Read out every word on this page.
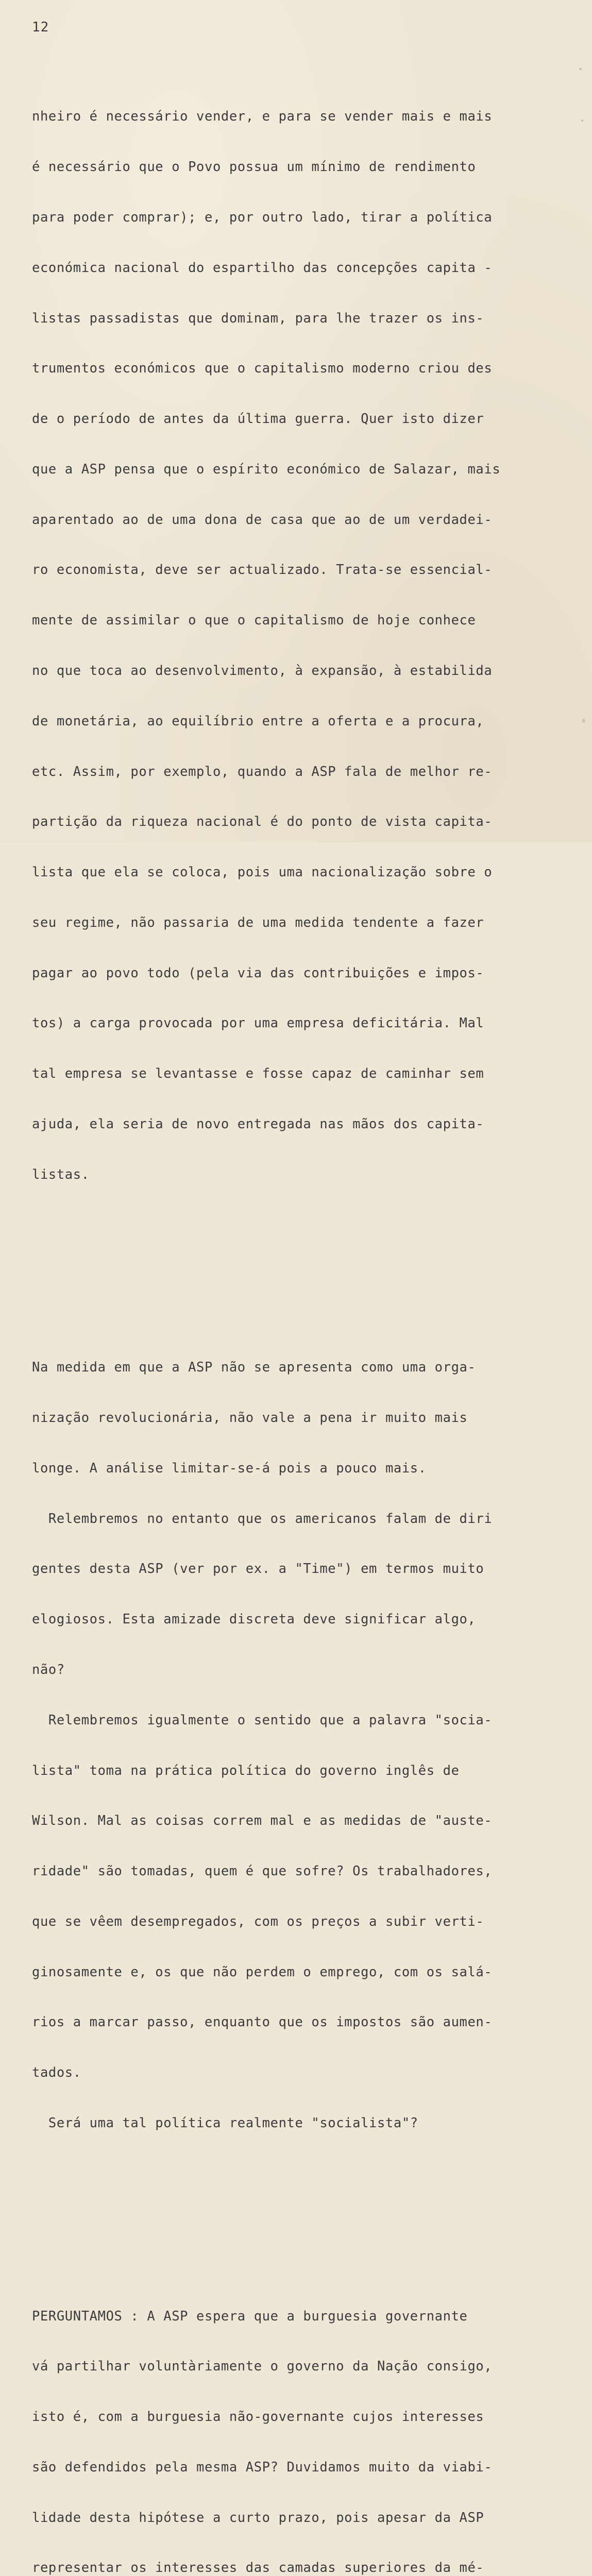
12

nheiro é necessário vender, e para se vender mais e mais

é necessário que o Povo possua um mínimo de rendimento

para poder comprar); e, por outro lado, tirar a política

económica nacional do espartilho das concepções capita -

listas passadistas que dominam, para lhe trazer os ins-

trumentos económicos que o capitalismo moderno criou des

de o período de antes da última guerra. Quer isto dizer

que a ASP pensa que o espírito económico de Salazar, mais

aparentado ao de uma dona de casa que ao de um verdadei-

ro economista, deve ser actualizado. Trata-se essencial-

mente de assimilar o que o capitalismo de hoje conhece

no que toca ao desenvolvimento, à expansão, à estabilida

de monetária, ao equilíbrio entre a oferta e a procura,

etc. Assim, por exemplo, quando a ASP fala de melhor re-

partição da riqueza nacional é do ponto de vista capita-

lista que ela se coloca, pois uma nacionalização sobre o

seu regime, não passaria de uma medida tendente a fazer

pagar ao povo todo (pela via das contribuições e impos-

tos) a carga provocada por uma empresa deficitária. Mal

tal empresa se levantasse e fosse capaz de caminhar sem

ajuda, ela seria de novo entregada nas mãos dos capita-

listas.

Na medida em que a ASP não se apresenta como uma orga-

nização revolucionária, não vale a pena ir muito mais

longe. A análise limitar-se-á pois a pouco mais.

Relembremos no entanto que os americanos falam de diri

gentes desta ASP (ver por ex. a "Time") em termos muito

elogiosos. Esta amizade discreta deve significar algo,

não?

Relembremos igualmente o sentido que a palavra "socia-

lista" toma na prática política do governo inglês de

Wilson. Mal as coisas correm mal e as medidas de "auste-

ridade" são tomadas, quem é que sofre? Os trabalhadores,

que se vêem desempregados, com os preços a subir verti-

ginosamente e, os que não perdem o emprego, com os salá-

rios a marcar passo, enquanto que os impostos são aumen-

tados.

Será uma tal política realmente "socialista"?

PERGUNTAMOS : A ASP espera que a burguesia governante

vá partilhar voluntàriamente o governo da Nação consigo,

isto é, com a burguesia não-governante cujos interesses

são defendidos pela mesma ASP? Duvidamos muito da viabi-

lidade desta hipótese a curto prazo, pois apesar da ASP

representar os interesses das camadas superiores da mé-
